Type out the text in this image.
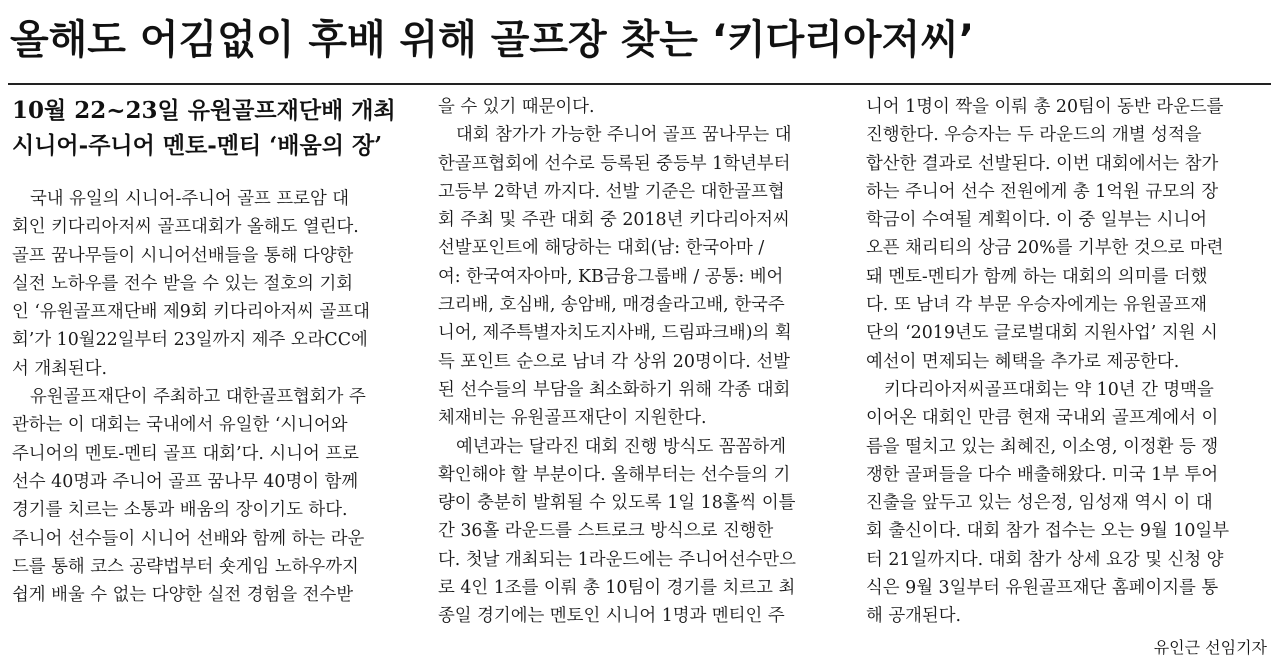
올해도 어김없이 후배 위해 골프장 찾는 ‘키다리아저씨’
10월 22~23일 유원골프재단배 개최
시니어-주니어 멘토-멘티 ‘배움의 장’
국내 유일의 시니어-주니어 골프 프로암 대
회인 키다리아저씨 골프대회가 올해도 열린다.
골프 꿈나무들이 시니어선배들을 통해 다양한
실전 노하우를 전수 받을 수 있는 절호의 기회
인 ‘유원골프재단배 제9회 키다리아저씨 골프대
회’가 10월22일부터 23일까지 제주 오라CC에
서 개최된다.
유원골프재단이 주최하고 대한골프협회가 주
관하는 이 대회는 국내에서 유일한 ‘시니어와
주니어의 멘토-멘티 골프 대회’다. 시니어 프로
선수 40명과 주니어 골프 꿈나무 40명이 함께
경기를 치르는 소통과 배움의 장이기도 하다.
주니어 선수들이 시니어 선배와 함께 하는 라운
드를 통해 코스 공략법부터 숏게임 노하우까지
쉽게 배울 수 없는 다양한 실전 경험을 전수받
을 수 있기 때문이다.
대회 참가가 가능한 주니어 골프 꿈나무는 대
한골프협회에 선수로 등록된 중등부 1학년부터
고등부 2학년 까지다. 선발 기준은 대한골프협
회 주최 및 주관 대회 중 2018년 키다리아저씨
선발포인트에 해당하는 대회(남: 한국아마 /
여: 한국여자아마, KB금융그룹배 / 공통: 베어
크리배, 호심배, 송암배, 매경솔라고배, 한국주
니어, 제주특별자치도지사배, 드림파크배)의 획
득 포인트 순으로 남녀 각 상위 20명이다. 선발
된 선수들의 부담을 최소화하기 위해 각종 대회
체재비는 유원골프재단이 지원한다.
예년과는 달라진 대회 진행 방식도 꼼꼼하게
확인해야 할 부분이다. 올해부터는 선수들의 기
량이 충분히 발휘될 수 있도록 1일 18홀씩 이틀
간 36홀 라운드를 스트로크 방식으로 진행한
다. 첫날 개최되는 1라운드에는 주니어선수만으
로 4인 1조를 이뤄 총 10팀이 경기를 치르고 최
종일 경기에는 멘토인 시니어 1명과 멘티인 주
니어 1명이 짝을 이뤄 총 20팀이 동반 라운드를
진행한다. 우승자는 두 라운드의 개별 성적을
합산한 결과로 선발된다. 이번 대회에서는 참가
하는 주니어 선수 전원에게 총 1억원 규모의 장
학금이 수여될 계획이다. 이 중 일부는 시니어
오픈 채리티의 상금 20%를 기부한 것으로 마련
돼 멘토-멘티가 함께 하는 대회의 의미를 더했
다. 또 남녀 각 부문 우승자에게는 유원골프재
단의 ‘2019년도 글로벌대회 지원사업’ 지원 시
예선이 면제되는 혜택을 추가로 제공한다.
키다리아저씨골프대회는 약 10년 간 명맥을
이어온 대회인 만큼 현재 국내외 골프계에서 이
름을 떨치고 있는 최혜진, 이소영, 이정환 등 쟁
쟁한 골퍼들을 다수 배출해왔다. 미국 1부 투어
진출을 앞두고 있는 성은정, 임성재 역시 이 대
회 출신이다. 대회 참가 접수는 오는 9월 10일부
터 21일까지다. 대회 참가 상세 요강 및 신청 양
식은 9월 3일부터 유원골프재단 홈페이지를 통
해 공개된다.
유인근 선임기자
